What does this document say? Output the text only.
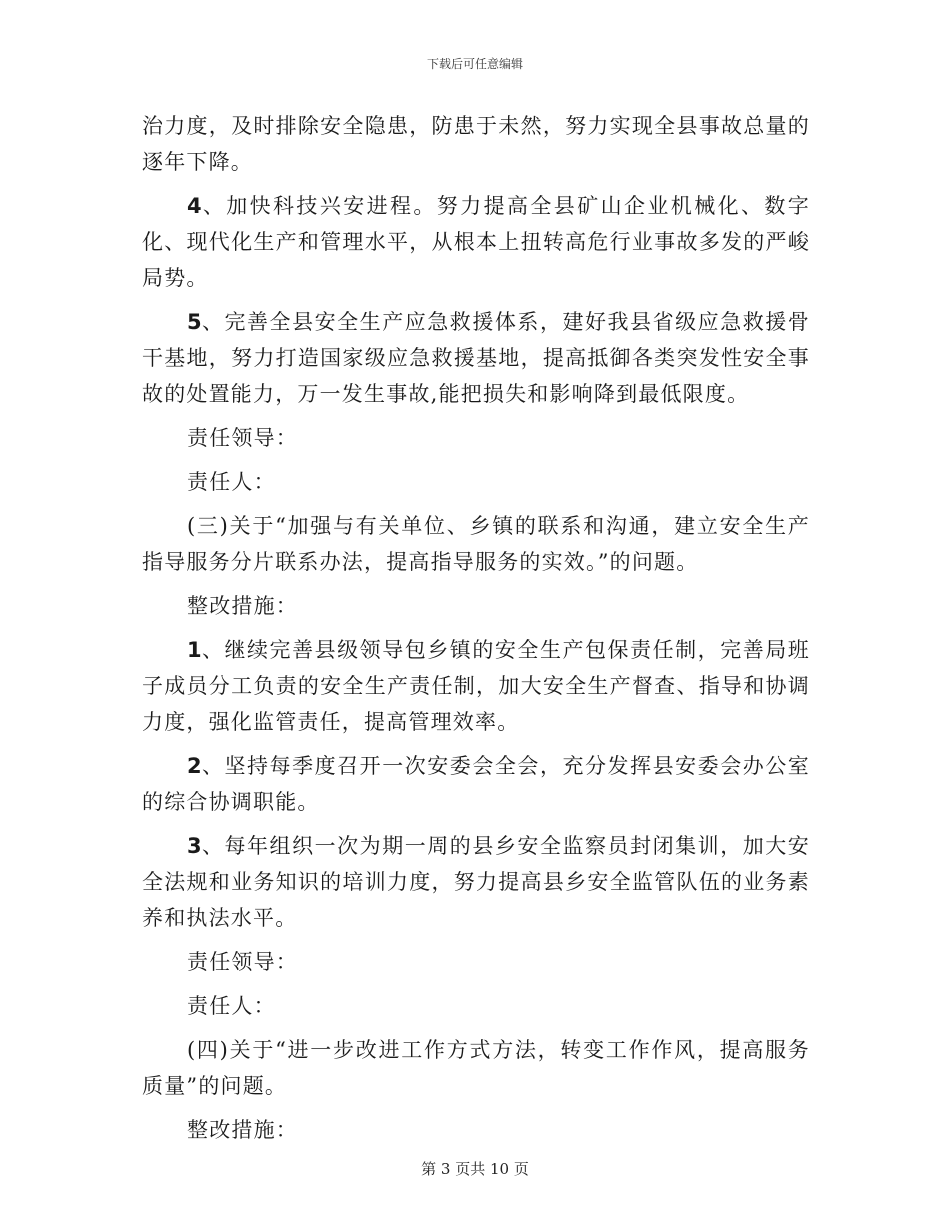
下载后可任意编辑

治力度，及时排除安全隐患，防患于未然，努力实现全县事故总量的逐年下降。

4、加快科技兴安进程。努力提高全县矿山企业机械化、数字化、现代化生产和管理水平，从根本上扭转高危行业事故多发的严峻局势。

5、完善全县安全生产应急救援体系，建好我县省级应急救援骨干基地，努力打造国家级应急救援基地，提高抵御各类突发性安全事故的处置能力，万一发生事故,能把损失和影响降到最低限度。

责任领导：

责任人：

(三)关于“加强与有关单位、乡镇的联系和沟通，建立安全生产指导服务分片联系办法，提高指导服务的实效。”的问题。

整改措施：

1、继续完善县级领导包乡镇的安全生产包保责任制，完善局班子成员分工负责的安全生产责任制，加大安全生产督查、指导和协调力度，强化监管责任，提高管理效率。

2、坚持每季度召开一次安委会全会，充分发挥县安委会办公室的综合协调职能。

3、每年组织一次为期一周的县乡安全监察员封闭集训，加大安全法规和业务知识的培训力度，努力提高县乡安全监管队伍的业务素养和执法水平。

责任领导：

责任人：

(四)关于“进一步改进工作方式方法，转变工作作风，提高服务质量”的问题。

整改措施：

第 3 页共 10 页
